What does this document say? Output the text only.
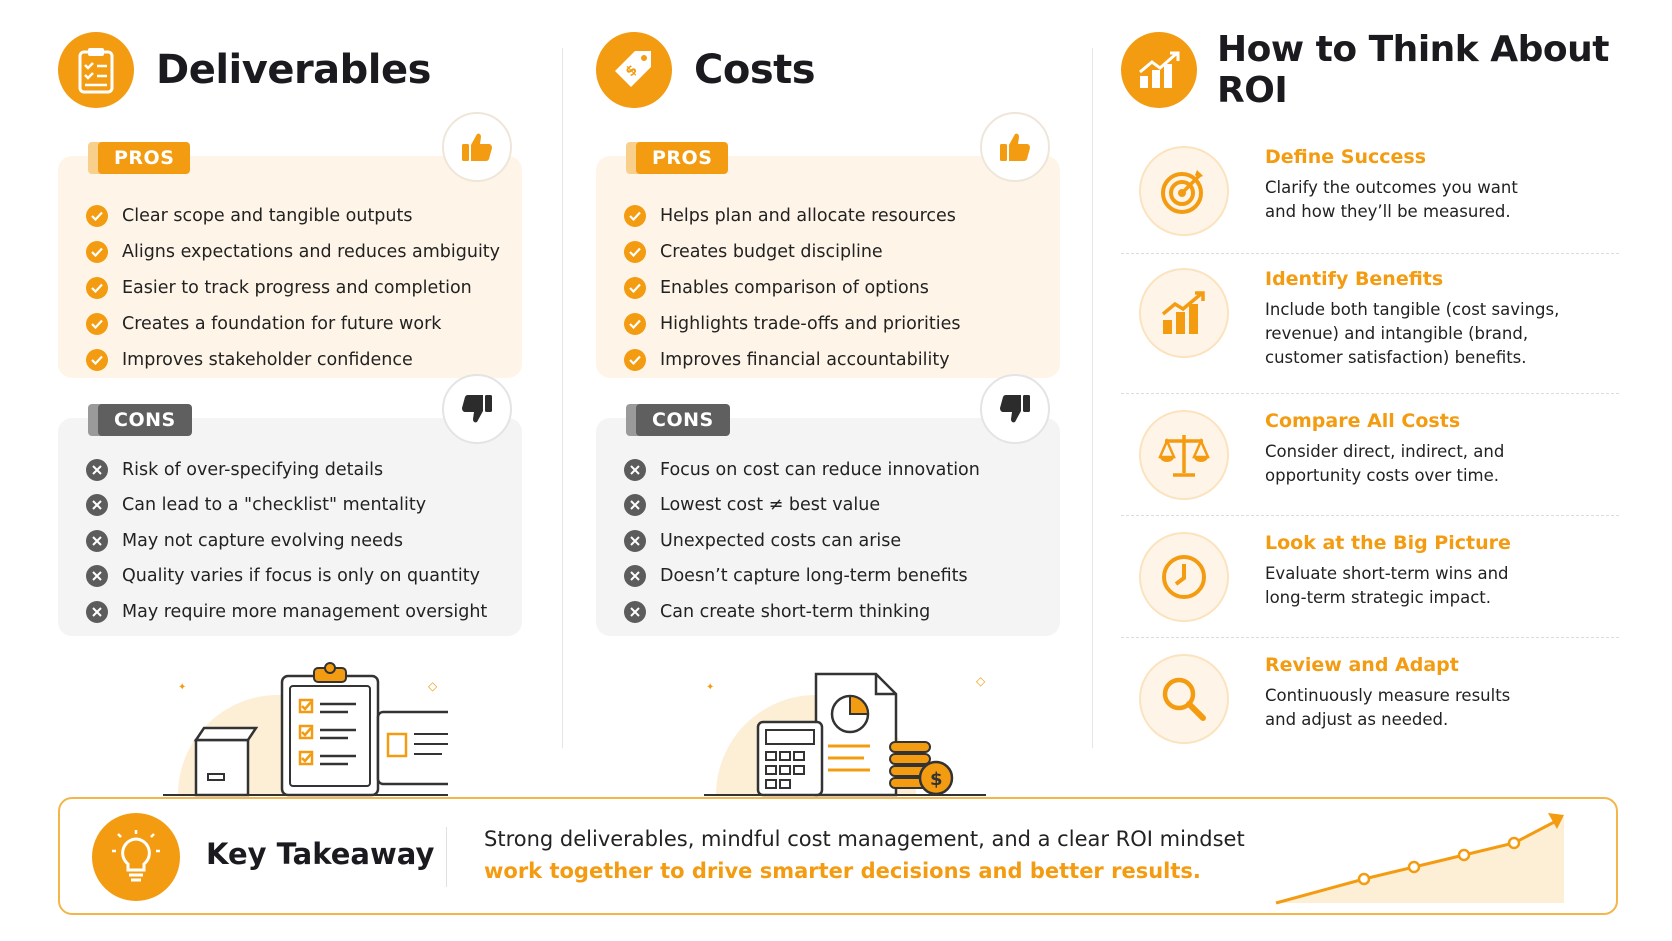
Deliverables
PROS
Clear scope and tangible outputs
Aligns expectations and reduces ambiguity
Easier to track progress and completion
Creates a foundation for future work
Improves stakeholder confidence
CONS
Risk of over-specifying details
Can lead to a "checklist" mentality
May not capture evolving needs
Quality varies if focus is only on quantity
May require more management oversight
✦	◇
$ Costs
PROS
Helps plan and allocate resources
Creates budget discipline
Enables comparison of options
Highlights trade-offs and priorities
Improves financial accountability
CONS
Focus on cost can reduce innovation
Lowest cost ≠ best value
Unexpected costs can arise
Doesn’t capture long-term benefits
Can create short-term thinking
$
✦	◇
How to Think About ROI
Define Success
Clarify the outcomes you want
and how they’ll be measured.
Identify Benefits
Include both tangible (cost savings,
revenue) and intangible (brand,
customer satisfaction) benefits.
Compare All Costs
Consider direct, indirect, and
opportunity costs over time.
Look at the Big Picture
Evaluate short-term wins and
long-term strategic impact.
Review and Adapt
Continuously measure results
and adjust as needed.
Key Takeaway Strong deliverables, mindful cost management, and a clear ROI mindset
work together to drive smarter decisions and better results.
